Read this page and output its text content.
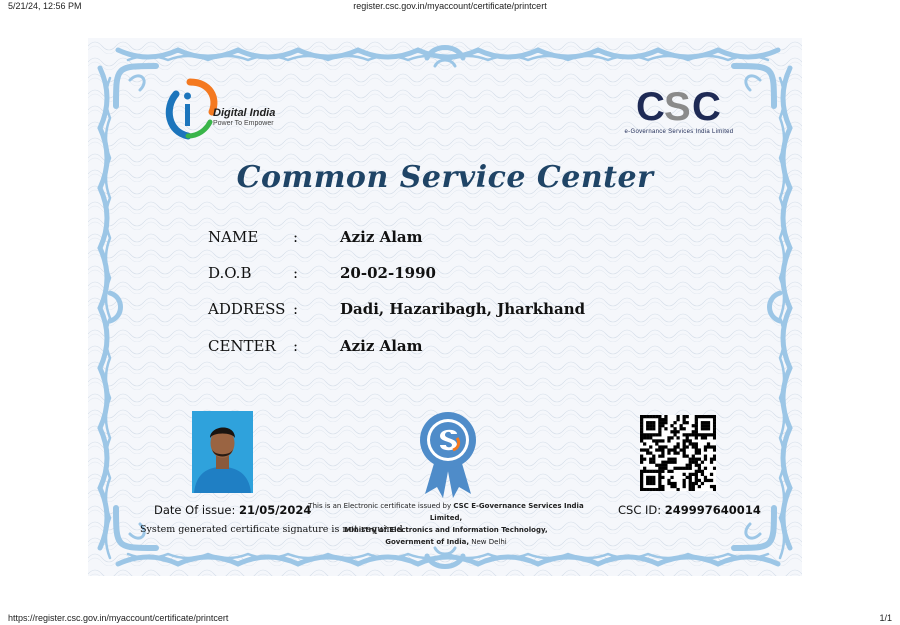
5/21/24, 12:56 PM	register.csc.gov.in/myaccount/certificate/printcert
Digital India
Power To Empower	C S C
e-Governance Services India Limited
Common Service Center
NAME :	Aziz Alam
D.O.B	:	20-02-1990
ADDRESS :	Dadi, Hazaribagh, Jharkhand
CENTER :	Aziz Alam
Date Of issue: 21/05/2024
System generated certificate signature is not required
This is an Electronic certificate issued by CSC E-Governance Services India Limited,
Ministry of Electronics and Information Technology,
Government of India, New Delhi
CSC ID: 249997640014
https://register.csc.gov.in/myaccount/certificate/printcert	1/1
